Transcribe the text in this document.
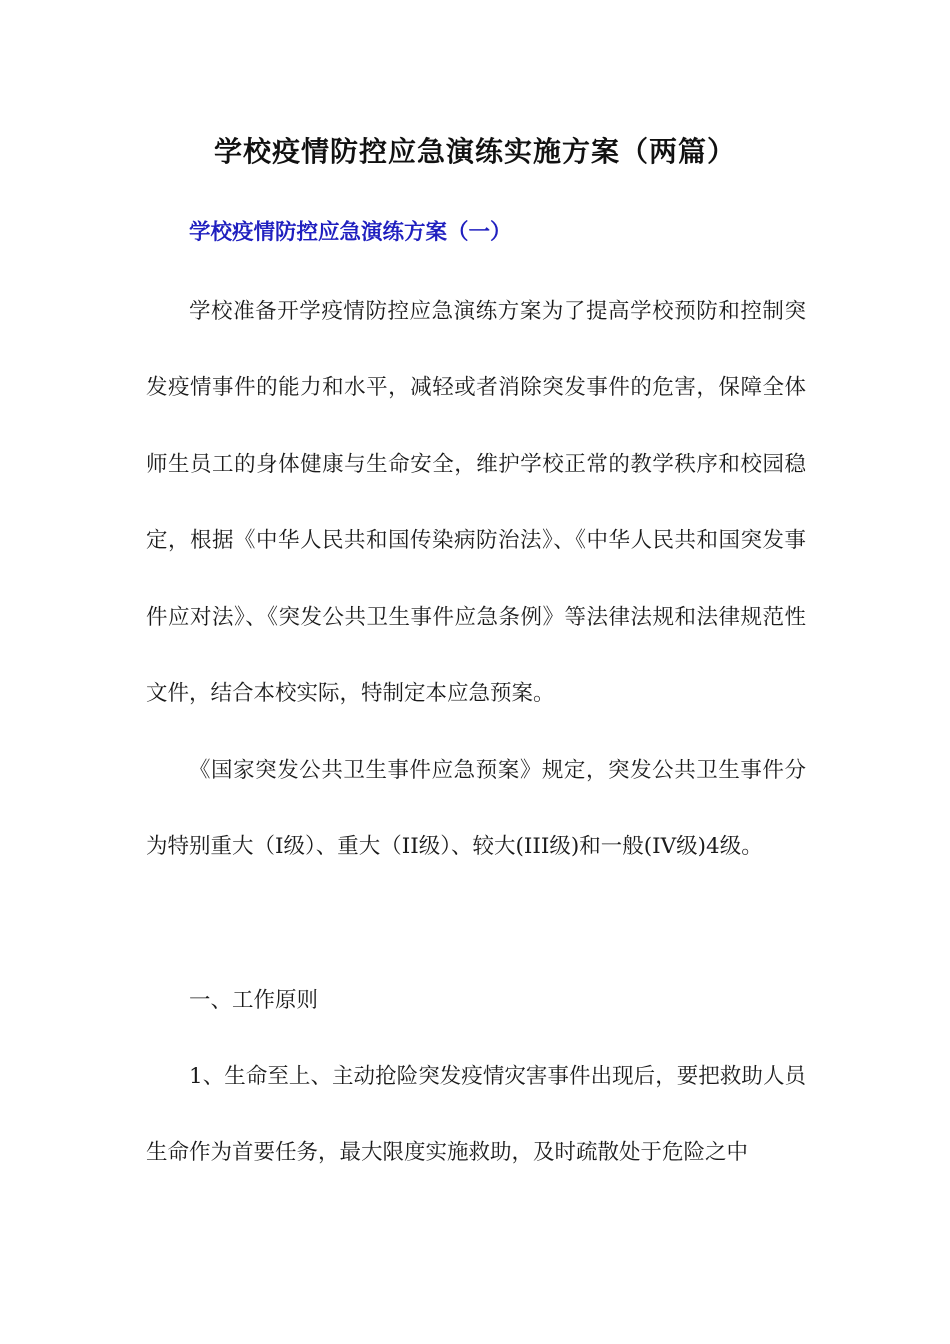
学校疫情防控应急演练实施方案（两篇）
学校疫情防控应急演练方案（一）

学校准备开学疫情防控应急演练方案为了提高学校预防和控制突发疫情事件的能力和水平，减轻或者消除突发事件的危害，保障全体师生员工的身体健康与生命安全，维护学校正常的教学秩序和校园稳定，根据《中华人民共和国传染病防治法》、《中华人民共和国突发事件应对法》、《突发公共卫生事件应急条例》等法律法规和法律规范性文件，结合本校实际，特制定本应急预案。

《国家突发公共卫生事件应急预案》规定，突发公共卫生事件分为特别重大（Ⅰ级）、重大（II级）、较大(III级)和一般(IV级)4级。

一、工作原则

1、生命至上、主动抢险突发疫情灾害事件出现后，要把救助人员生命作为首要任务，最大限度实施救助，及时疏散处于危险之中
